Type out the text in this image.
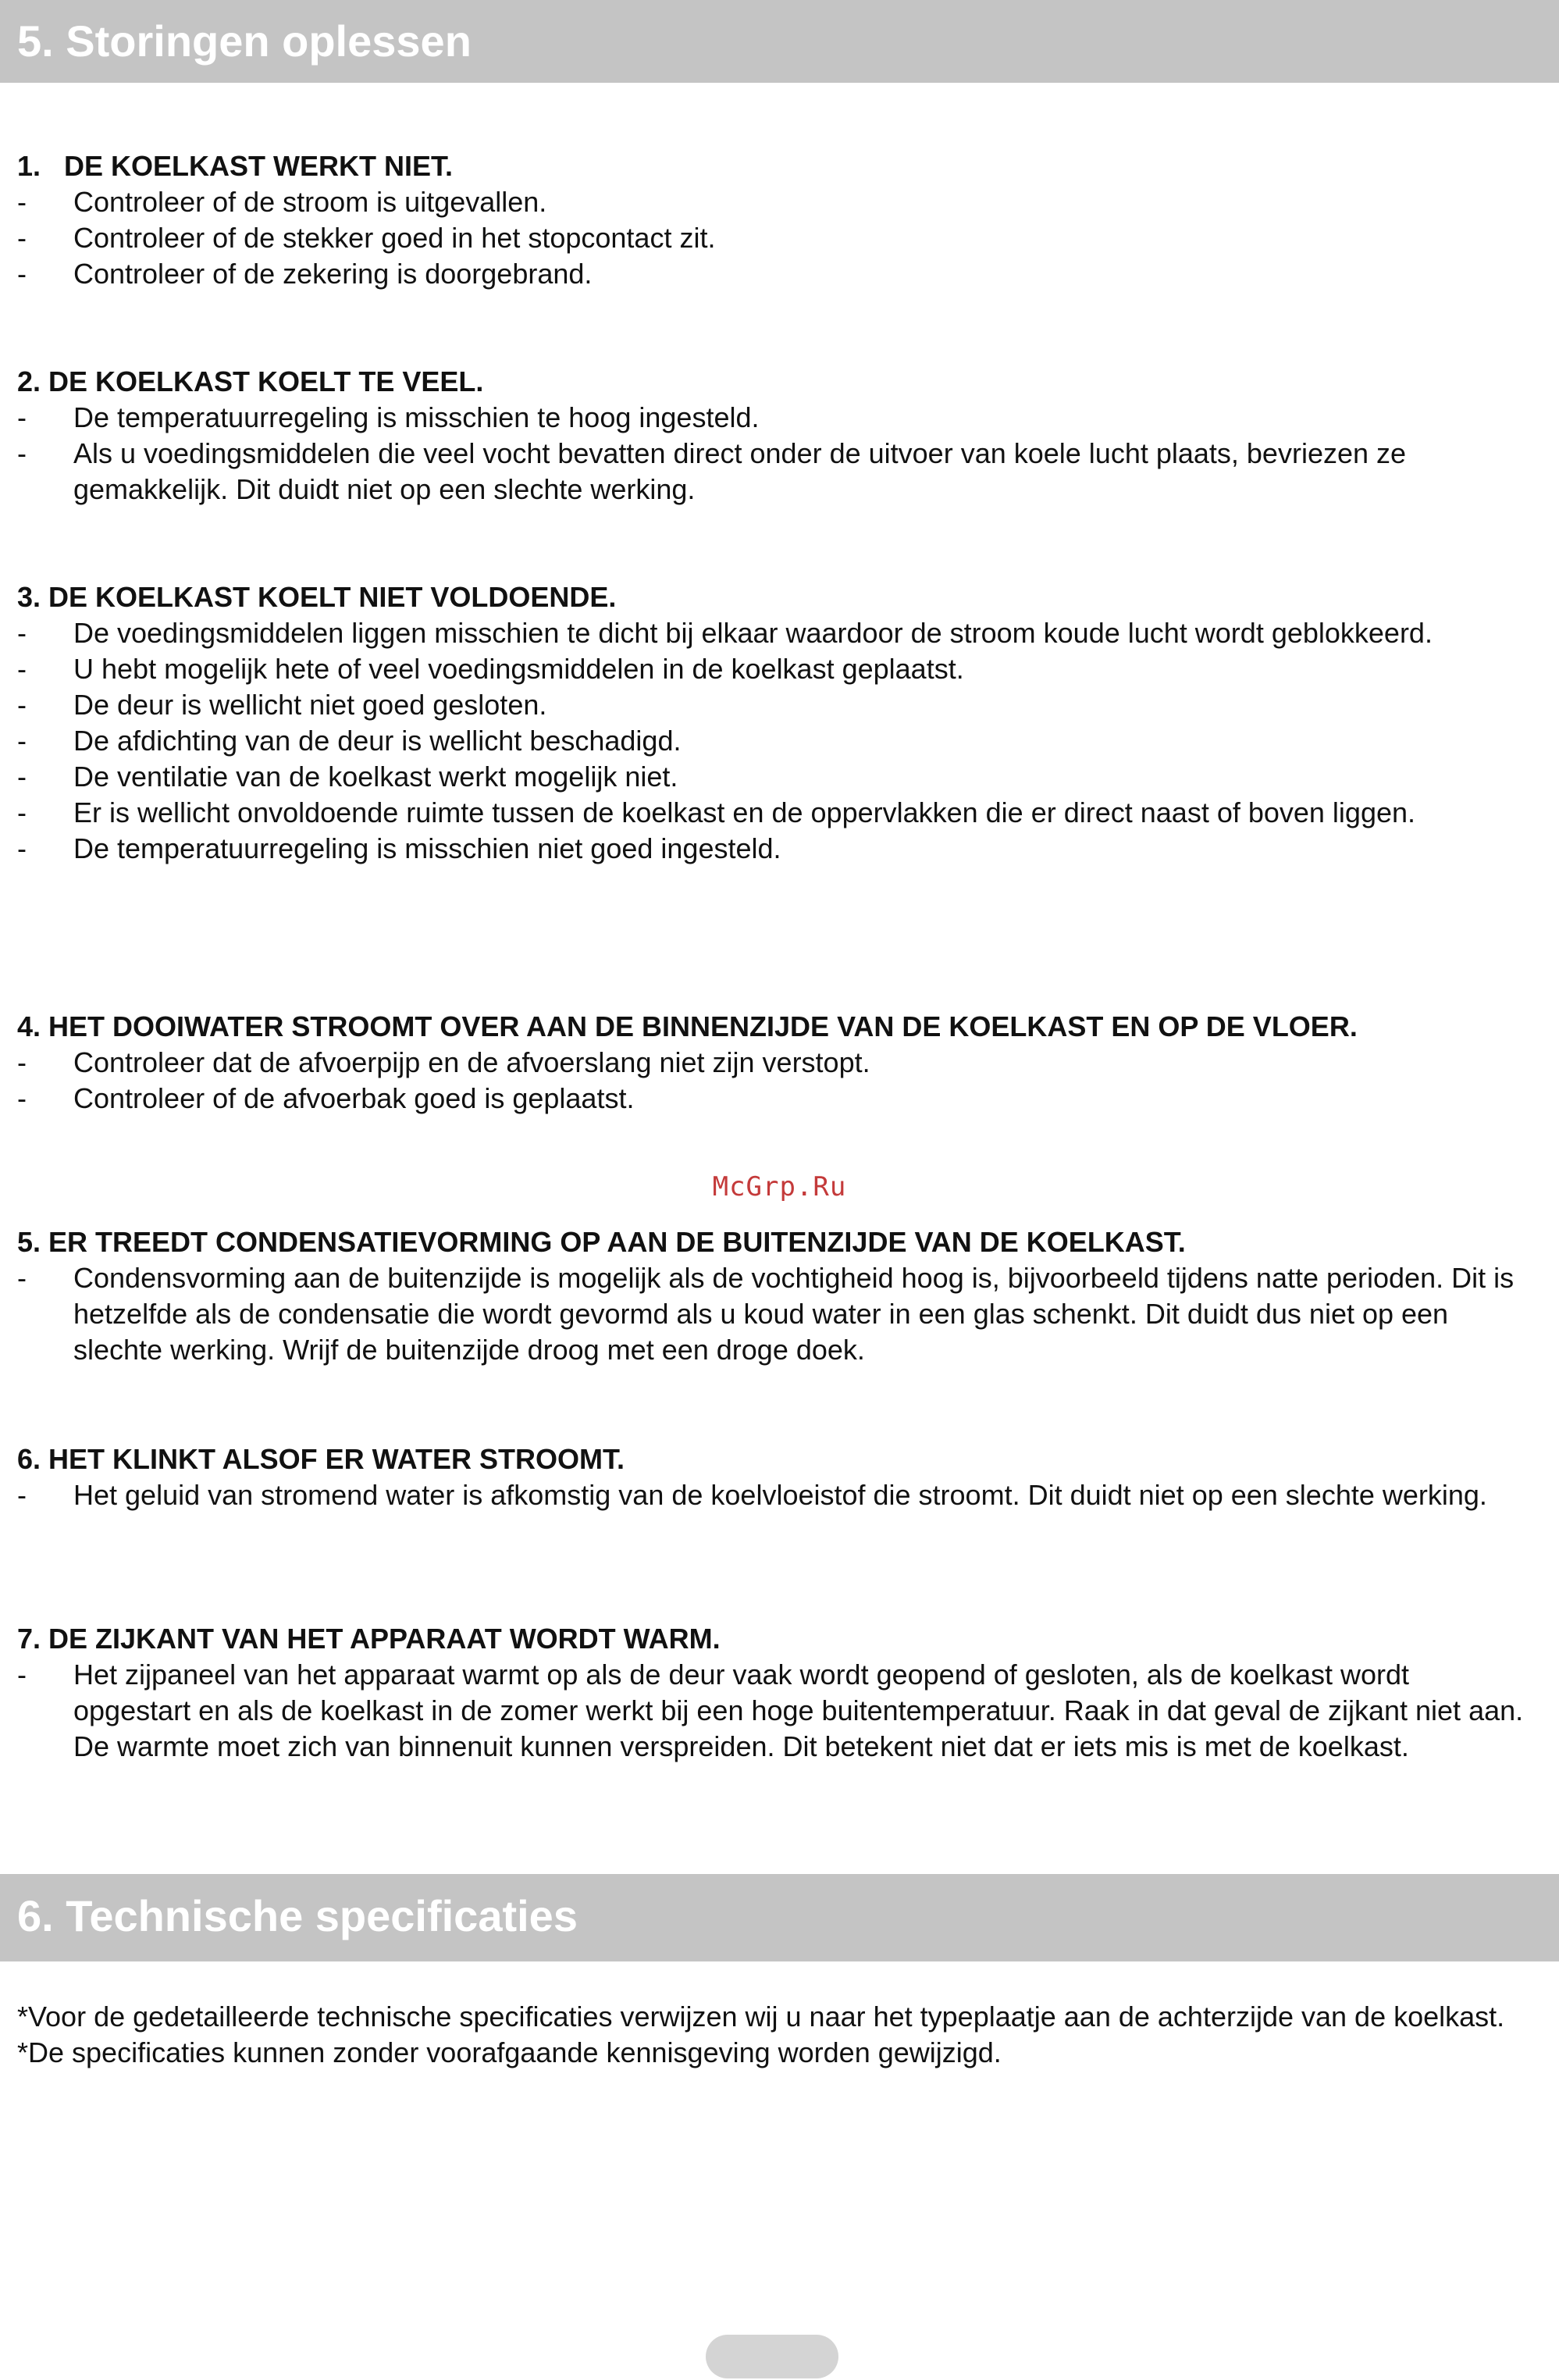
5. Storingen oplessen

1.   DE KOELKAST WERKT NIET.

- Controleer of de stroom is uitgevallen.
- Controleer of de stekker goed in het stopcontact zit.
- Controleer of de zekering is doorgebrand.

2. DE KOELKAST KOELT TE VEEL.

- De temperatuurregeling is misschien te hoog ingesteld.
- Als u voedingsmiddelen die veel vocht bevatten direct onder de uitvoer van koele lucht plaats, bevriezen ze gemakkelijk. Dit duidt niet op een slechte werking.

3. DE KOELKAST KOELT NIET VOLDOENDE.

- De voedingsmiddelen liggen misschien te dicht bij elkaar waardoor de stroom koude lucht wordt geblokkeerd.
- U hebt mogelijk hete of veel voedingsmiddelen in de koelkast geplaatst.
- De deur is wellicht niet goed gesloten.
- De afdichting van de deur is wellicht beschadigd.
- De ventilatie van de koelkast werkt mogelijk niet.
- Er is wellicht onvoldoende ruimte tussen de koelkast en de oppervlakken die er direct naast of boven liggen.
- De temperatuurregeling is misschien niet goed ingesteld.

4. HET DOOIWATER STROOMT OVER AAN DE BINNENZIJDE VAN DE KOELKAST EN OP DE VLOER.

- Controleer dat de afvoerpijp en de afvoerslang niet zijn verstopt.
- Controleer of de afvoerbak goed is geplaatst.
McGrp.Ru

5. ER TREEDT CONDENSATIEVORMING OP AAN DE BUITENZIJDE VAN DE KOELKAST.

- Condensvorming aan de buitenzijde is mogelijk als de vochtigheid hoog is, bijvoorbeeld tijdens natte perioden. Dit is hetzelfde als de condensatie die wordt gevormd als u koud water in een glas schenkt. Dit duidt dus niet op een slechte werking. Wrijf de buitenzijde droog met een droge doek.

6. HET KLINKT ALSOF ER WATER STROOMT.

- Het geluid van stromend water is afkomstig van de koelvloeistof die stroomt. Dit duidt niet op een slechte werking.

7. DE ZIJKANT VAN HET APPARAAT WORDT WARM.

- Het zijpaneel van het apparaat warmt op als de deur vaak wordt geopend of gesloten, als de koelkast wordt opgestart en als de koelkast in de zomer werkt bij een hoge buitentemperatuur. Raak in dat geval de zijkant niet aan. De warmte moet zich van binnenuit kunnen verspreiden. Dit betekent niet dat er iets mis is met de koelkast.
6. Technische specificaties

*Voor de gedetailleerde technische specificaties verwijzen wij u naar het typeplaatje aan de achterzijde van de koelkast.

*De specificaties kunnen zonder voorafgaande kennisgeving worden gewijzigd.
